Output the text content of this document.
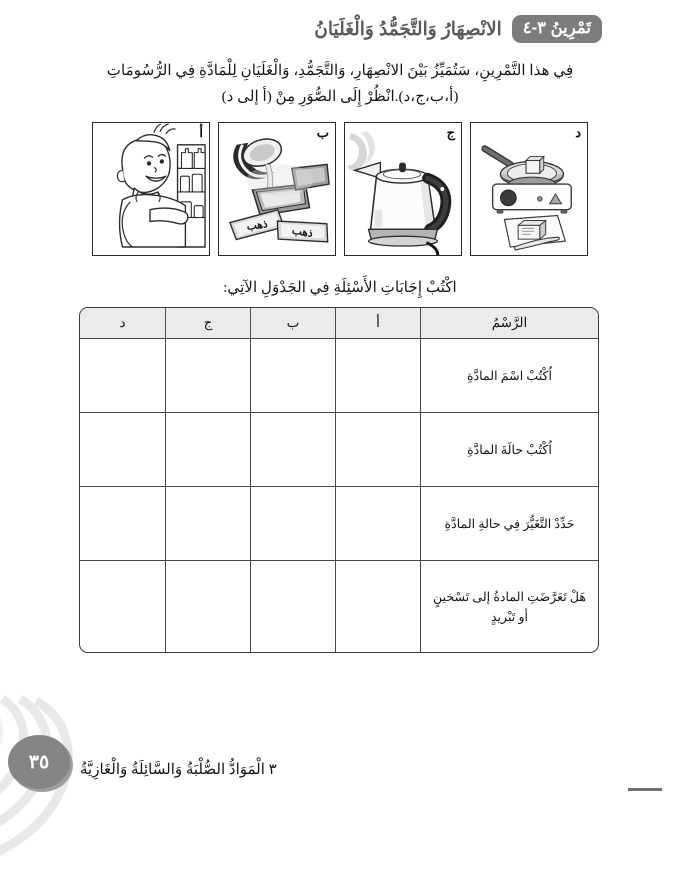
تَمْرِينُ ٣-٤
الانْصِهَارُ وَالتَّجَمُّدُ وَالْغَلَيَانُ
فِي هذا التَّمْرِينِ، سَتُمَيِّزُ بَيْنَ الانْصِهَارِ، وَالتَّجَمُّدِ، وَالْغَلَيَانِ لِلْمَادَّةِ فِي الرُّسُومَاتِ
(أ،ب،ج،د).انْظُرْ إِلَى الصُّوَرِ مِنْ (أ إلى د)
د
ج
ب
ذهب ذهب
أ
اكْتُبْ إِجَابَاتِ الأَسْئِلَةِ فِي الجَدْوَلِ الآتِي:
الرَّسْمُ	أ	ب	ج	د
اُكْتُبْ اسْمَ المادَّةِ				
اُكْتُبْ حالَةَ المادَّةِ				
حَدِّدْ التَّغَيُّرَ فِي حالةِ المادَّةِ				
هَلْ تَعَرَّضَتِ المادةُ إلى تَسْخينٍ أو تَبْريدٍ				
٣٥	٣ الْمَوَادُّ الصُّلْبَةُ وَالسَّائِلَةُ وَالْغَازِيَّةُ
